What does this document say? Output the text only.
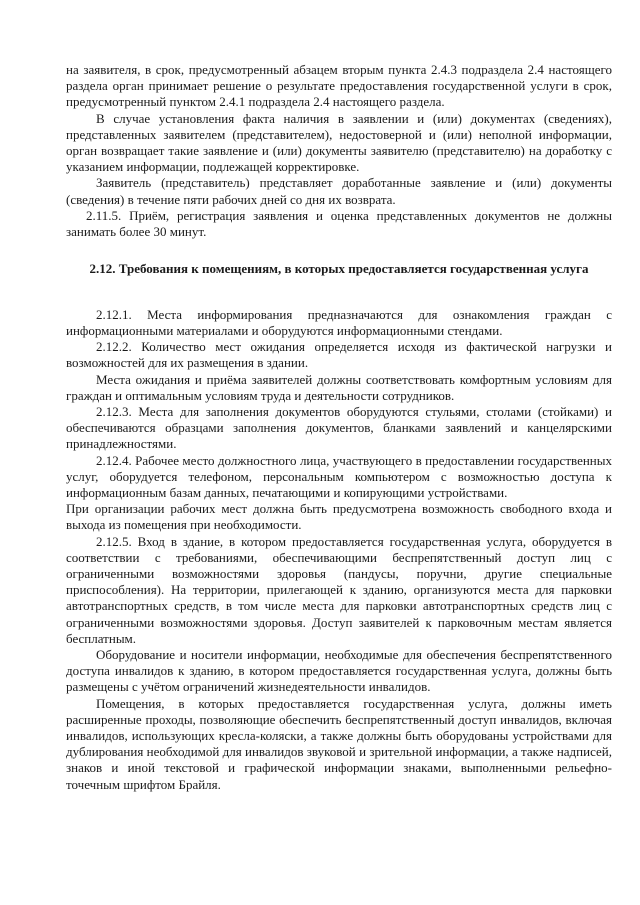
на заявителя, в срок, предусмотренный абзацем вторым пункта 2.4.3 подраздела 2.4 настоящего раздела орган принимает решение о результате предоставления государственной услуги в срок, предусмотренный пунктом 2.4.1 подраздела 2.4 настоящего раздела.

В случае установления факта наличия в заявлении и (или) документах (сведениях), представленных заявителем (представителем), недостоверной и (или) неполной информации, орган возвращает такие заявление и (или) документы заявителю (представителю) на доработку с указанием информации, подлежащей корректировке.

Заявитель (представитель) представляет доработанные заявление и (или) документы (сведения) в течение пяти рабочих дней со дня их возврата.

2.11.5. Приём, регистрация заявления и оценка представленных документов не должны занимать более 30 минут.

2.12. Требования к помещениям, в которых предоставляется государственная услуга

2.12.1. Места информирования предназначаются для ознакомления граждан с информационными материалами и оборудуются информационными стендами.

2.12.2. Количество мест ожидания определяется исходя из фактической нагрузки и возможностей для их размещения в здании.

Места ожидания и приёма заявителей должны соответствовать комфортным условиям для граждан и оптимальным условиям труда и деятельности сотрудников.

2.12.3. Места для заполнения документов оборудуются стульями, столами (стойками) и обеспечиваются образцами заполнения документов, бланками заявлений и канцелярскими принадлежностями.

2.12.4. Рабочее место должностного лица, участвующего в предоставлении государственных услуг, оборудуется телефоном, персональным компьютером с возможностью доступа к информационным базам данных, печатающими и копирующими устройствами.

При организации рабочих мест должна быть предусмотрена возможность свободного входа и выхода из помещения при необходимости.

2.12.5. Вход в здание, в котором предоставляется государственная услуга, оборудуется в соответствии с требованиями, обеспечивающими беспрепятственный доступ лиц с ограниченными возможностями здоровья (пандусы, поручни, другие специальные приспособления). На территории, прилегающей к зданию, организуются места для парковки автотранспортных средств, в том числе места для парковки автотранспортных средств лиц с ограниченными возможностями здоровья. Доступ заявителей к парковочным местам является бесплатным.

Оборудование и носители информации, необходимые для обеспечения беспрепятственного доступа инвалидов к зданию, в котором предоставляется государственная услуга, должны быть размещены с учётом ограничений жизнедеятельности инвалидов.

Помещения, в которых предоставляется государственная услуга, должны иметь расширенные проходы, позволяющие обеспечить беспрепятственный доступ инвалидов, включая инвалидов, использующих кресла-коляски, а также должны быть оборудованы устройствами для дублирования необходимой для инвалидов звуковой и зрительной информации, а также надписей, знаков и иной текстовой и графической информации знаками, выполненными рельефно-точечным шрифтом Брайля.
